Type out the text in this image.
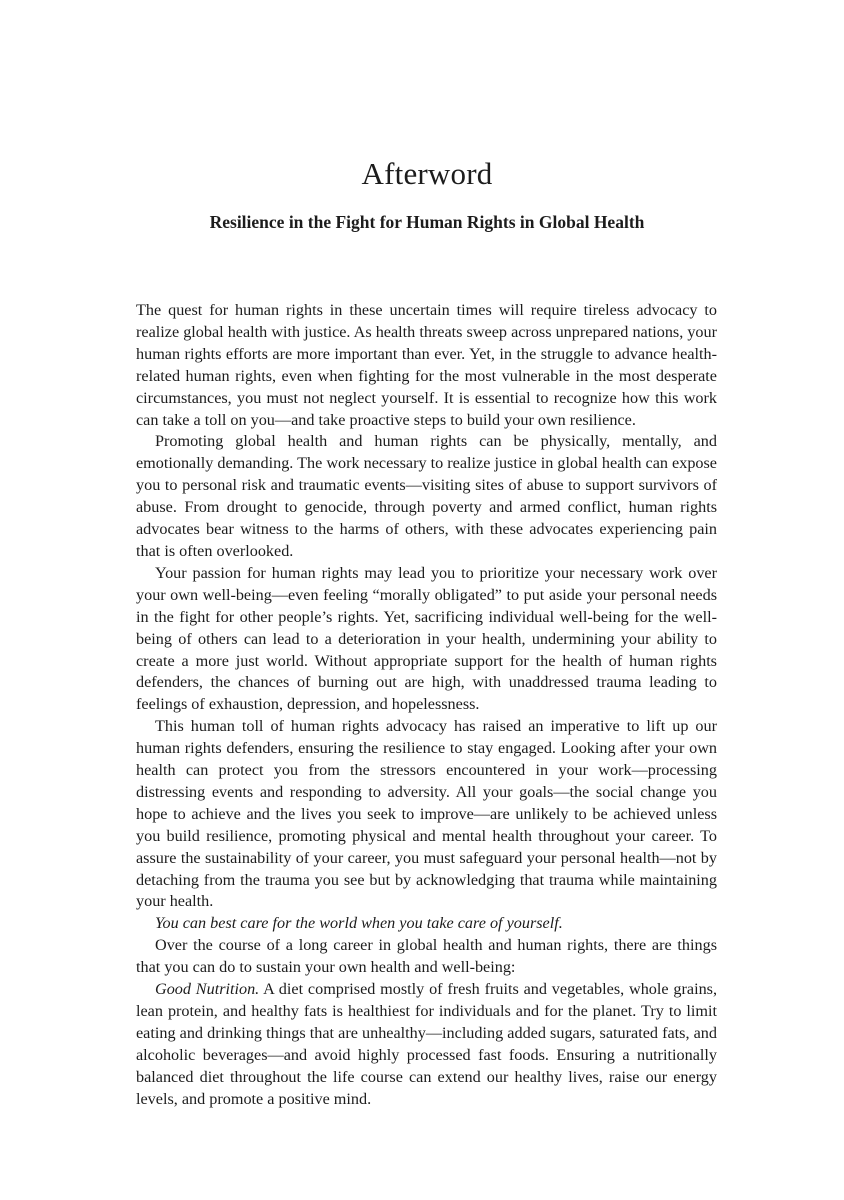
Afterword
Resilience in the Fight for Human Rights in Global Health

The quest for human rights in these uncertain times will require tireless advocacy to realize global health with justice. As health threats sweep across unprepared nations, your human rights efforts are more important than ever. Yet, in the struggle to advance health-related human rights, even when fighting for the most vulnerable in the most desperate circumstances, you must not neglect yourself. It is essential to recognize how this work can take a toll on you—and take proactive steps to build your own resilience.

Promoting global health and human rights can be physically, mentally, and emotionally demanding. The work necessary to realize justice in global health can expose you to personal risk and traumatic events—visiting sites of abuse to support survivors of abuse. From drought to genocide, through poverty and armed conflict, human rights advocates bear witness to the harms of others, with these advocates experiencing pain that is often overlooked.

Your passion for human rights may lead you to prioritize your necessary work over your own well-being—even feeling “morally obligated” to put aside your personal needs in the fight for other people’s rights. Yet, sacrificing individual well-being for the well-being of others can lead to a deterioration in your health, undermining your ability to create a more just world. Without appropriate support for the health of human rights defenders, the chances of burning out are high, with unaddressed trauma leading to feelings of exhaustion, depression, and hopelessness.

This human toll of human rights advocacy has raised an imperative to lift up our human rights defenders, ensuring the resilience to stay engaged. Looking after your own health can protect you from the stressors encountered in your work—processing distressing events and responding to adversity. All your goals—the social change you hope to achieve and the lives you seek to improve—are unlikely to be achieved unless you build resilience, promoting physical and mental health throughout your career. To assure the sustainability of your career, you must safeguard your personal health—not by detaching from the trauma you see but by acknowledging that trauma while maintaining your health.

You can best care for the world when you take care of yourself.

Over the course of a long career in global health and human rights, there are things that you can do to sustain your own health and well-being:

Good Nutrition. A diet comprised mostly of fresh fruits and vegetables, whole grains, lean protein, and healthy fats is healthiest for individuals and for the planet. Try to limit eating and drinking things that are unhealthy—including added sugars, saturated fats, and alcoholic beverages—and avoid highly processed fast foods. Ensuring a nutritionally balanced diet throughout the life course can extend our healthy lives, raise our energy levels, and promote a positive mind.
